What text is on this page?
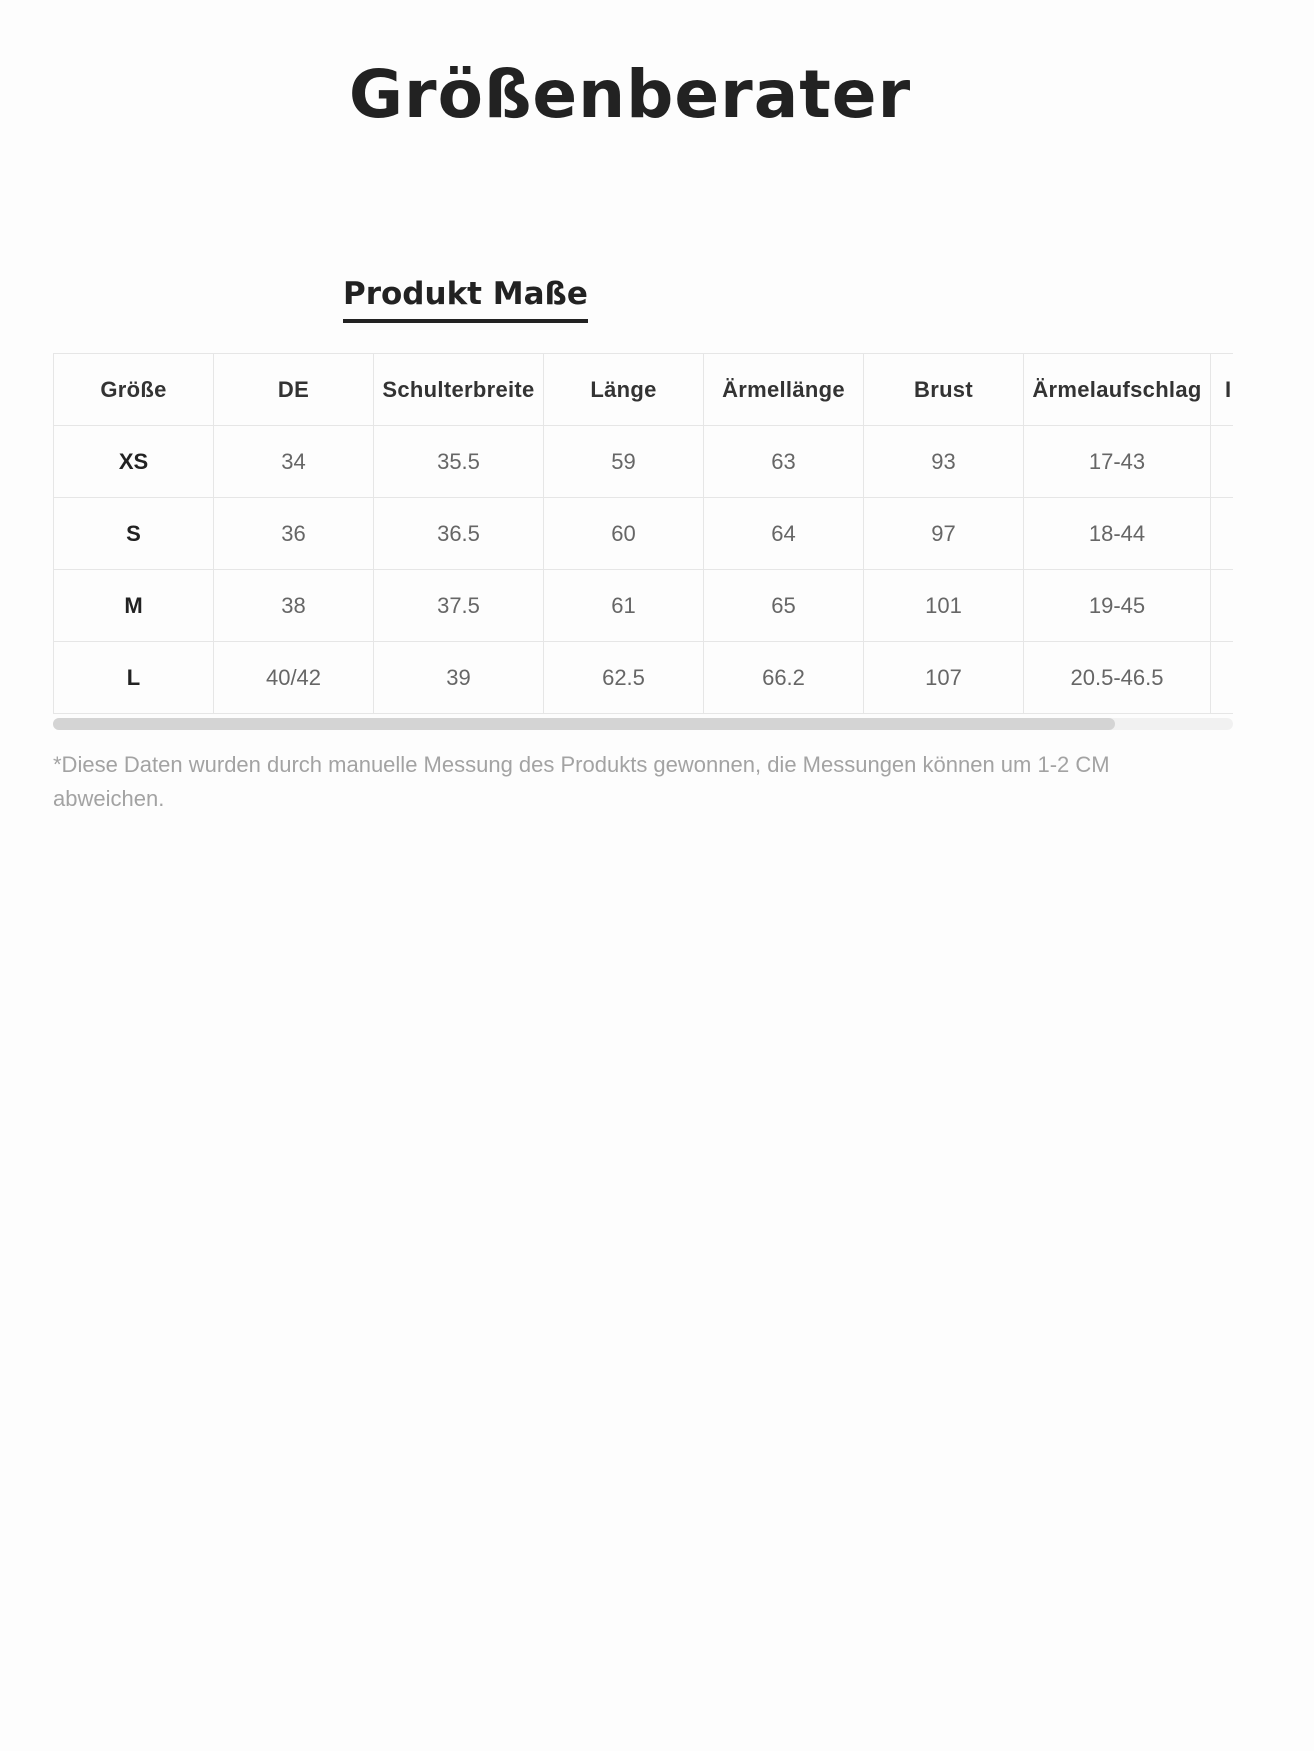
Größenberater
Produkt Maße
Größe	DE	Schulterbreite	Länge	Ärmellänge	Brust	Ärmelaufschlag	I
XS	34	35.5	59	63	93	17-43	
S	36	36.5	60	64	97	18-44	
M	38	37.5	61	65	101	19-45	
L	40/42	39	62.5	66.2	107	20.5-46.5	

*Diese Daten wurden durch manuelle Messung des Produkts gewonnen, die Messungen können um 1-2 CM abweichen.
